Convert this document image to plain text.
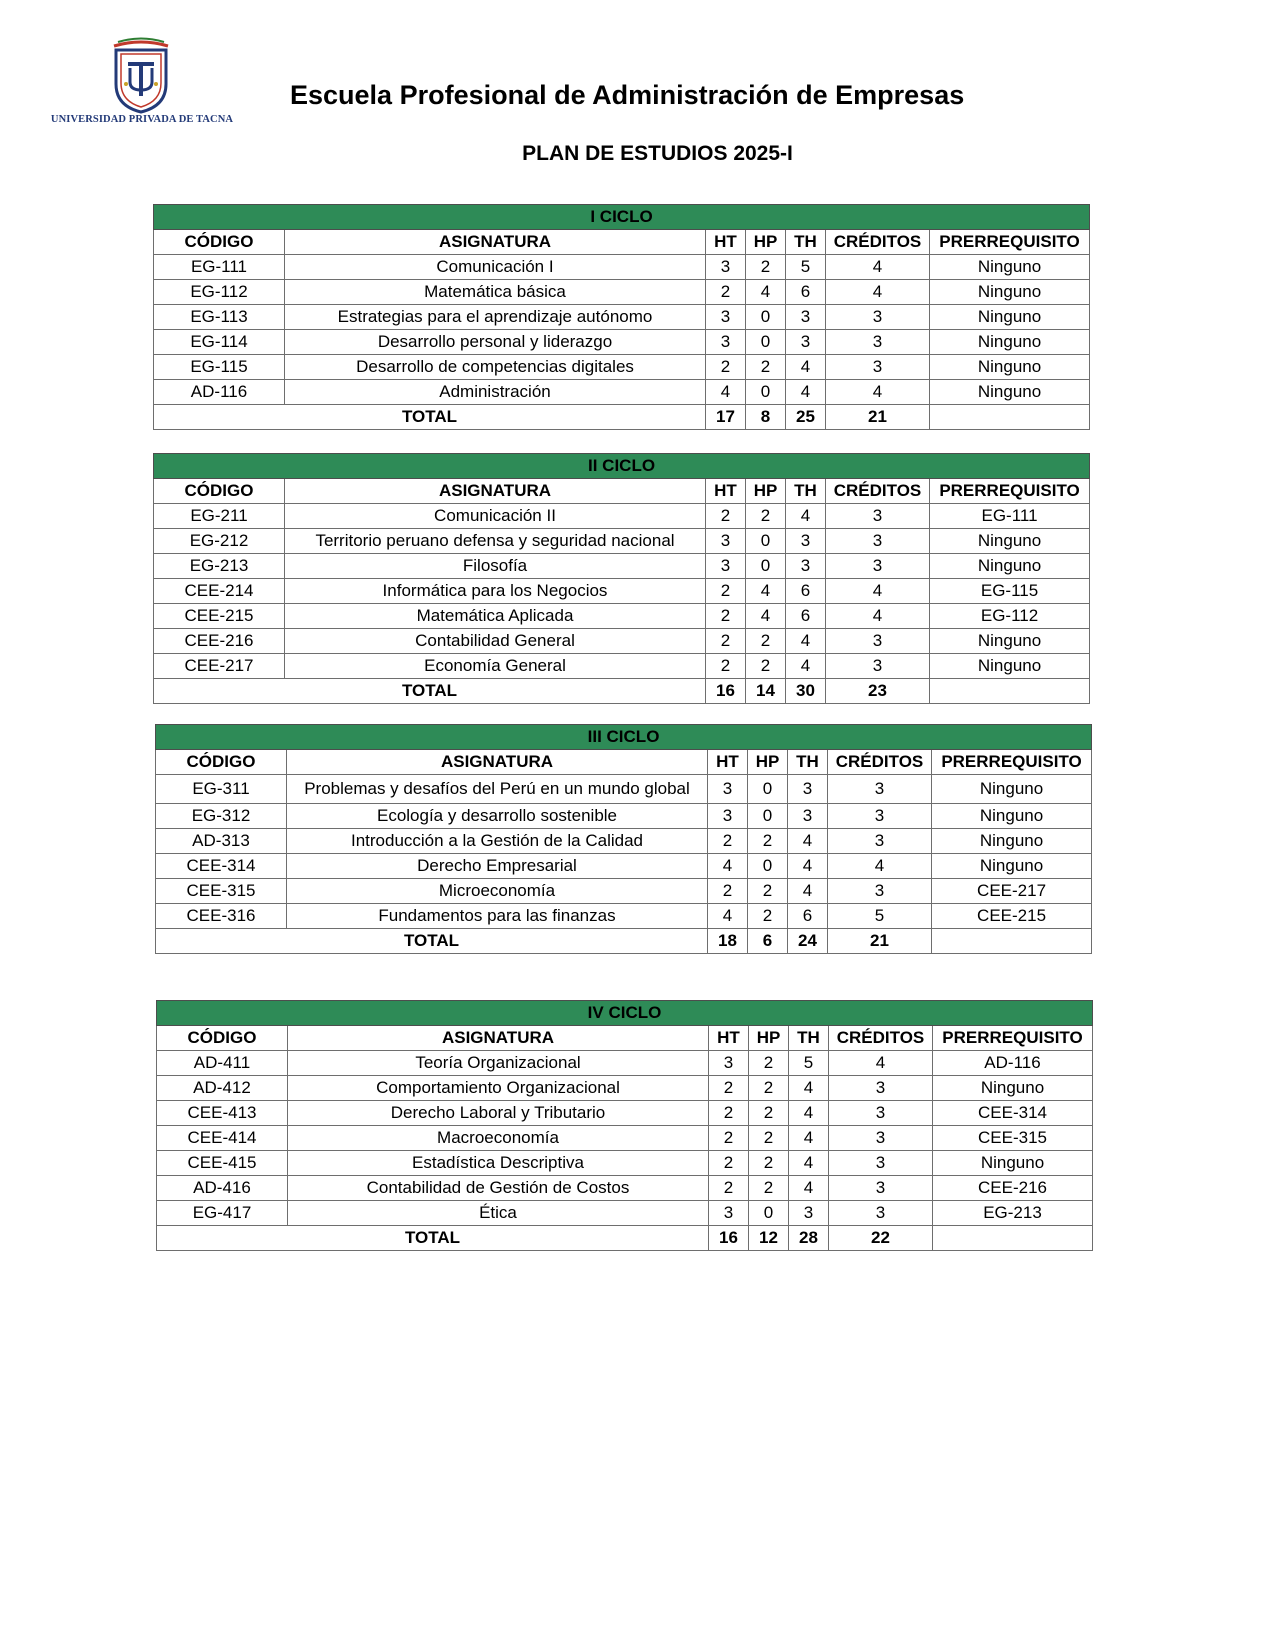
UNIVERSIDAD PRIVADA DE TACNA
Escuela Profesional de Administración de Empresas
PLAN DE ESTUDIOS 2025-I
I CICLO						
CÓDIGO	ASIGNATURA	HT	HP	TH	CRÉDITOS	PRERREQUISITO
EG-111	Comunicación I	3	2	5	4	Ninguno
EG-112	Matemática básica	2	4	6	4	Ninguno
EG-113	Estrategias para el aprendizaje autónomo	3	0	3	3	Ninguno
EG-114	Desarrollo personal y liderazgo	3	0	3	3	Ninguno
EG-115	Desarrollo de competencias digitales	2	2	4	3	Ninguno
AD-116	Administración	4	0	4	4	Ninguno
TOTAL		17	8	25	21	
II CICLO						
CÓDIGO	ASIGNATURA	HT	HP	TH	CRÉDITOS	PRERREQUISITO
EG-211	Comunicación II	2	2	4	3	EG-111
EG-212	Territorio peruano defensa y seguridad nacional	3	0	3	3	Ninguno
EG-213	Filosofía	3	0	3	3	Ninguno
CEE-214	Informática para los Negocios	2	4	6	4	EG-115
CEE-215	Matemática Aplicada	2	4	6	4	EG-112
CEE-216	Contabilidad General	2	2	4	3	Ninguno
CEE-217	Economía General	2	2	4	3	Ninguno
TOTAL		16	14	30	23	
III CICLO						
CÓDIGO	ASIGNATURA	HT	HP	TH	CRÉDITOS	PRERREQUISITO
EG-311	Problemas y desafíos del Perú en un mundo global	3	0	3	3	Ninguno
EG-312	Ecología y desarrollo sostenible	3	0	3	3	Ninguno
AD-313	Introducción a la Gestión de la Calidad	2	2	4	3	Ninguno
CEE-314	Derecho Empresarial	4	0	4	4	Ninguno
CEE-315	Microeconomía	2	2	4	3	CEE-217
CEE-316	Fundamentos para las finanzas	4	2	6	5	CEE-215
TOTAL		18	6	24	21	
IV CICLO						
CÓDIGO	ASIGNATURA	HT	HP	TH	CRÉDITOS	PRERREQUISITO
AD-411	Teoría Organizacional	3	2	5	4	AD-116
AD-412	Comportamiento Organizacional	2	2	4	3	Ninguno
CEE-413	Derecho Laboral y Tributario	2	2	4	3	CEE-314
CEE-414	Macroeconomía	2	2	4	3	CEE-315
CEE-415	Estadística Descriptiva	2	2	4	3	Ninguno
AD-416	Contabilidad de Gestión de Costos	2	2	4	3	CEE-216
EG-417	Ética	3	0	3	3	EG-213
TOTAL		16	12	28	22	
